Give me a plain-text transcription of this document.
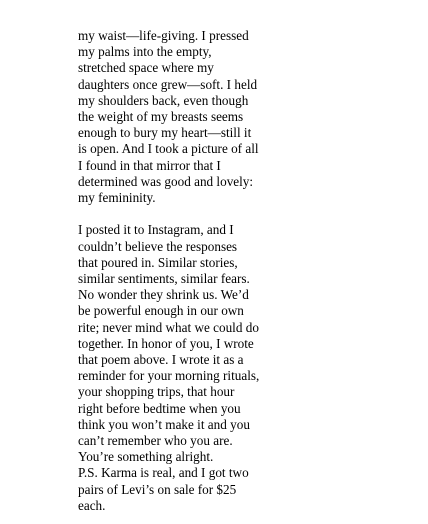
my waist—life-giving. I pressed
my palms into the empty,
stretched space where my
daughters once grew—soft. I held
my shoulders back, even though
the weight of my breasts seems
enough to bury my heart—still it
is open. And I took a picture of all
I found in that mirror that I
determined was good and lovely:
my femininity.

I posted it to Instagram, and I
couldn’t believe the responses
that poured in. Similar stories,
similar sentiments, similar fears.
No wonder they shrink us. We’d
be powerful enough in our own
rite; never mind what we could do
together. In honor of you, I wrote
that poem above. I wrote it as a
reminder for your morning rituals,
your shopping trips, that hour
right before bedtime when you
think you won’t make it and you
can’t remember who you are.
You’re something alright.

P.S. Karma is real, and I got two
pairs of Levi’s on sale for $25
each.
